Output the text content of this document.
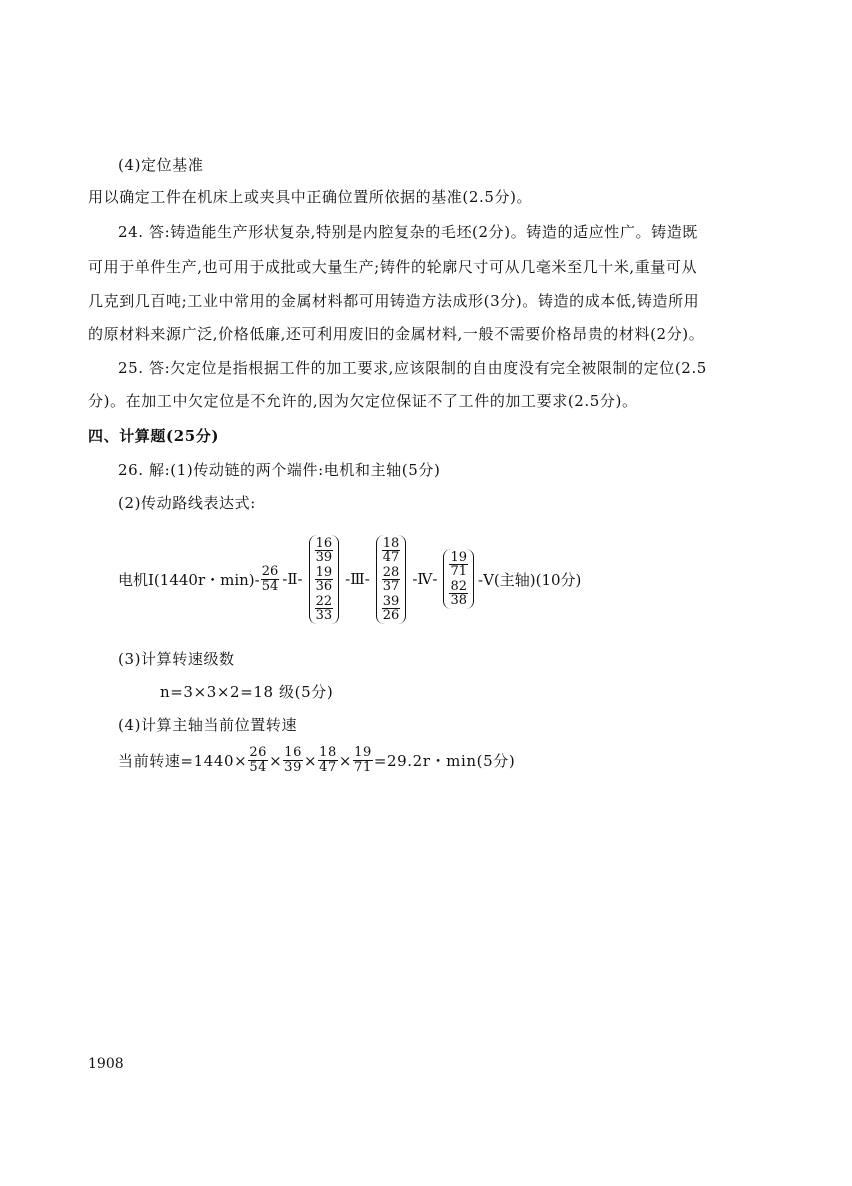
(4)定位基准
用以确定工件在机床上或夹具中正确位置所依据的基准(2.5分)。
24. 答:铸造能生产形状复杂,特别是内腔复杂的毛坯(2分)。铸造的适应性广。铸造既
可用于单件生产,也可用于成批或大量生产;铸件的轮廓尺寸可从几毫米至几十米,重量可从
几克到几百吨;工业中常用的金属材料都可用铸造方法成形(3分)。铸造的成本低,铸造所用
的原材料来源广泛,价格低廉,还可利用废旧的金属材料,一般不需要价格昂贵的材料(2分)。
25. 答:欠定位是指根据工件的加工要求,应该限制的自由度没有完全被限制的定位(2.5
分)。在加工中欠定位是不允许的,因为欠定位保证不了工件的加工要求(2.5分)。
四、计算题(25分)
26. 解:(1)传动链的两个端件:电机和主轴(5分)
(2)传动路线表达式:
电机Ⅰ(1440r・$\min)- \frac{26}{54}$ -Ⅱ-
$\frac{16}{39}$
$\frac{19}{36}$
$\frac{22}{33}$
-Ⅲ-
$\frac{18}{47}$
$\frac{28}{37}$
$\frac{39}{26}$
-Ⅳ-
$\frac{19}{71}$
$\frac{82}{38}$
-Ⅴ(主轴)(10分)
(3)计算转速级数
n=3×3×2=18 级(5分)
(4)计算主轴当前位置转速
当前转速$=1440\times \frac{26}{54} \times \frac{16}{39} \times \frac{18}{47} \times \frac{19}{71} =29.2r$・min(5分)
1908
